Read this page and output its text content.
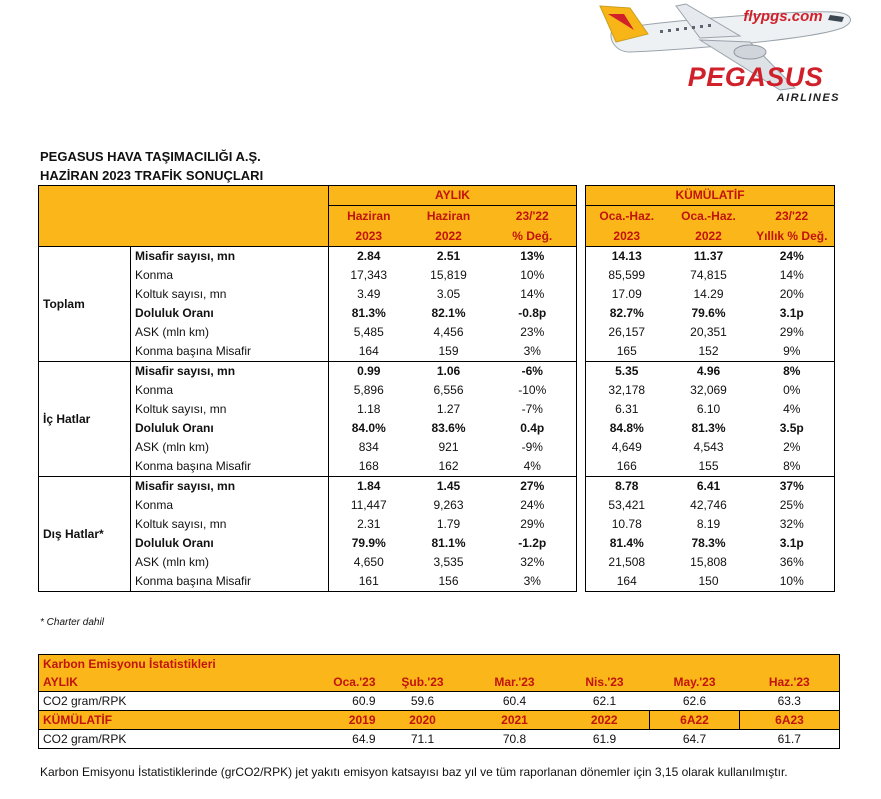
flypgs.com
PEGASUS
AIRLINES
PEGASUS HAVA TAŞIMACILIĞI A.Ş.
HAZİRAN 2023 TRAFİK SONUÇLARI
		AYLIK				KÜMÜLATİF		
		Haziran	Haziran	23/'22		Oca.-Haz.	Oca.-Haz.	23/'22
		2023	2022	% Değ.		2023	2022	Yıllık % Değ.
Toplam	Misafir sayısı, mn	2.84	2.51	13%		14.13	11.37	24%
	Konma	17,343	15,819	10%		85,599	74,815	14%
	Koltuk sayısı, mn	3.49	3.05	14%		17.09	14.29	20%
	Doluluk Oranı	81.3%	82.1%	-0.8p		82.7%	79.6%	3.1p
	ASK (mln km)	5,485	4,456	23%		26,157	20,351	29%
	Konma başına Misafir	164	159	3%		165	152	9%
İç Hatlar	Misafir sayısı, mn	0.99	1.06	-6%		5.35	4.96	8%
	Konma	5,896	6,556	-10%		32,178	32,069	0%
	Koltuk sayısı, mn	1.18	1.27	-7%		6.31	6.10	4%
	Doluluk Oranı	84.0%	83.6%	0.4p		84.8%	81.3%	3.5p
	ASK (mln km)	834	921	-9%		4,649	4,543	2%
	Konma başına Misafir	168	162	4%		166	155	8%
Dış Hatlar*	Misafir sayısı, mn	1.84	1.45	27%		8.78	6.41	37%
	Konma	11,447	9,263	24%		53,421	42,746	25%
	Koltuk sayısı, mn	2.31	1.79	29%		10.78	8.19	32%
	Doluluk Oranı	79.9%	81.1%	-1.2p		81.4%	78.3%	3.1p
	ASK (mln km)	4,650	3,535	32%		21,508	15,808	36%
	Konma başına Misafir	161	156	3%		164	150	10%
* Charter dahil
Karbon Emisyonu İstatistikleri						
AYLIK	Oca.'23	Şub.'23	Mar.'23	Nis.'23	May.'23	Haz.'23
CO2 gram/RPK	60.9	59.6	60.4	62.1	62.6	63.3
KÜMÜLATİF	2019	2020	2021	2022	6A22	6A23
CO2 gram/RPK	64.9	71.1	70.8	61.9	64.7	61.7
Karbon Emisyonu İstatistiklerinde (grCO2/RPK) jet yakıtı emisyon katsayısı baz yıl ve tüm raporlanan dönemler için 3,15 olarak kullanılmıştır.
